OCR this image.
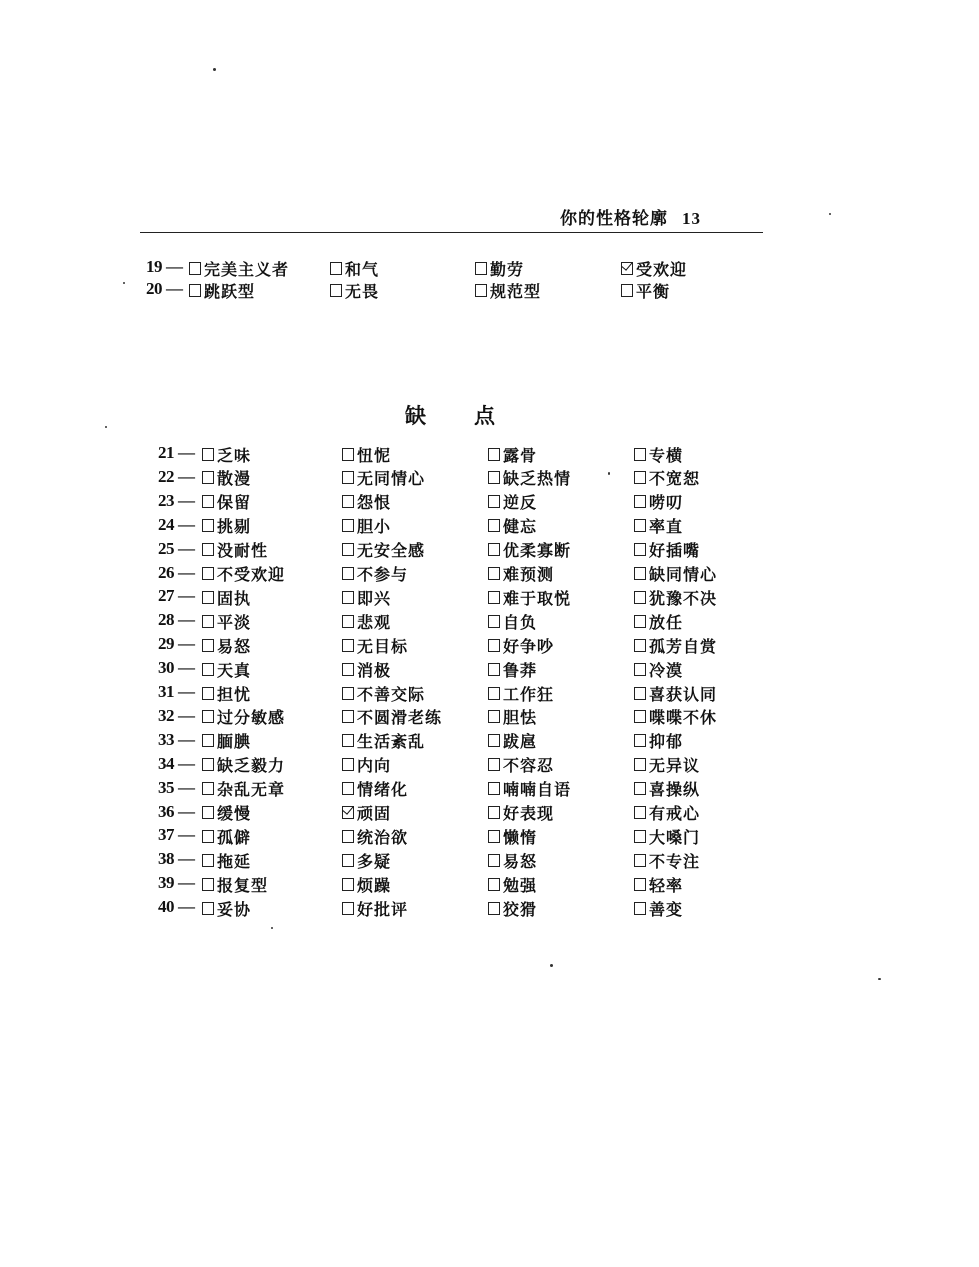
你的性格轮廓 13
19 — 完美主义者	和气	勤劳	受欢迎
20 — 跳跃型	无畏	规范型	平衡
缺 点
21 — 乏味	忸怩	露骨	专横
22 — 散漫	无同情心	缺乏热情	不宽恕
23 — 保留	怨恨	逆反	唠叨
24 — 挑剔	胆小	健忘	率直
25 — 没耐性	无安全感	优柔寡断	好插嘴
26 — 不受欢迎	不参与	难预测	缺同情心
27 — 固执	即兴	难于取悦	犹豫不决
28 — 平淡	悲观	自负	放任
29 — 易怒	无目标	好争吵	孤芳自赏
30 — 天真	消极	鲁莽	冷漠
31 — 担忧	不善交际	工作狂	喜获认同
32 — 过分敏感	不圆滑老练	胆怯	喋喋不休
33 — 腼腆	生活紊乱	跋扈	抑郁
34 — 缺乏毅力	内向	不容忍	无异议
35 — 杂乱无章	情绪化	喃喃自语	喜操纵
36 — 缓慢	顽固	好表现	有戒心
37 — 孤僻	统治欲	懒惰	大嗓门
38 — 拖延	多疑	易怒	不专注
39 — 报复型	烦躁	勉强	轻率
40 — 妥协	好批评	狡猾	善变
